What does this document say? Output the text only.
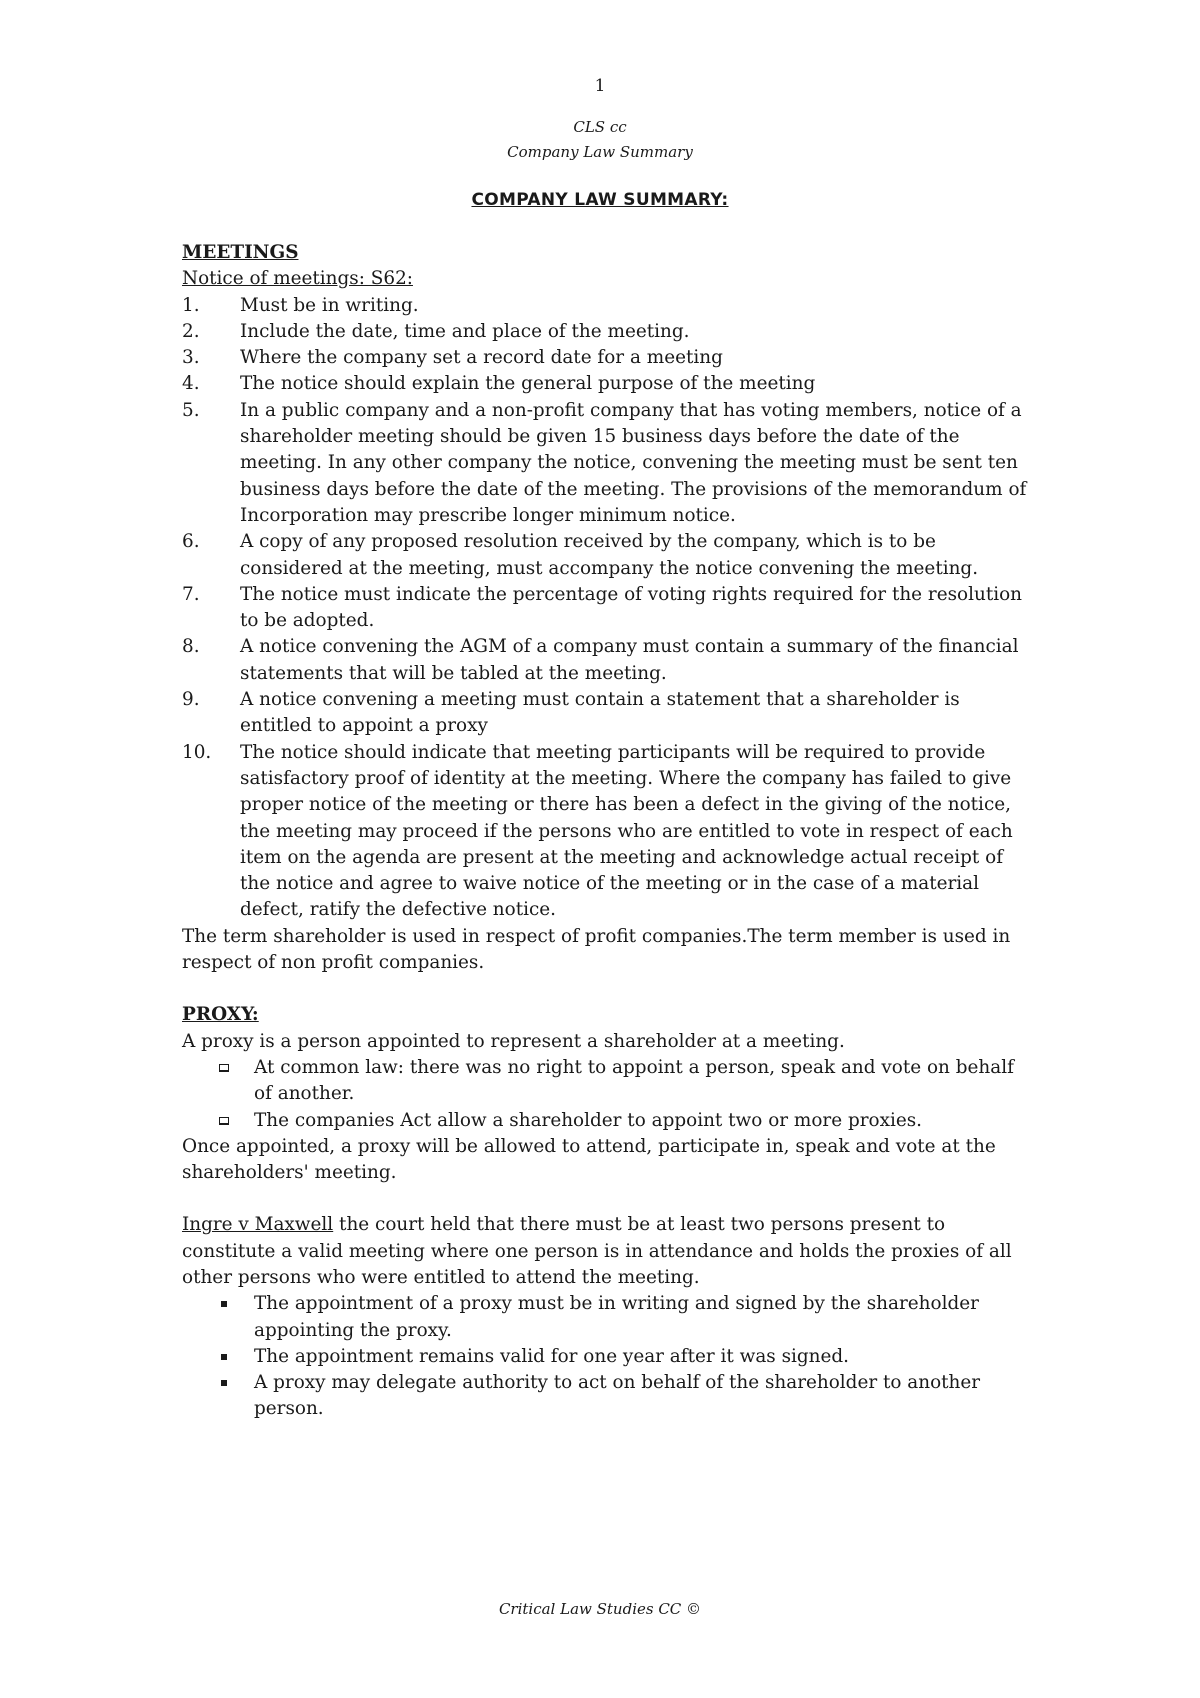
1
CLS cc
Company Law Summary
COMPANY LAW SUMMARY:
MEETINGS
Notice of meetings: S62:
1. Must be in writing.
2. Include the date, time and place of the meeting.
3. Where the company set a record date for a meeting
4. The notice should explain the general purpose of the meeting
5. In a public company and a non-profit company that has voting members, notice of a shareholder meeting should be given 15 business days before the date of the meeting. In any other company the notice, convening the meeting must be sent ten business days before the date of the meeting. The provisions of the memorandum of Incorporation may prescribe longer minimum notice.
6. A copy of any proposed resolution received by the company, which is to be considered at the meeting, must accompany the notice convening the meeting.
7. The notice must indicate the percentage of voting rights required for the resolution to be adopted.
8. A notice convening the AGM of a company must contain a summary of the financial statements that will be tabled at the meeting.
9. A notice convening a meeting must contain a statement that a shareholder is entitled to appoint a proxy
10. The notice should indicate that meeting participants will be required to provide satisfactory proof of identity at the meeting. Where the company has failed to give proper notice of the meeting or there has been a defect in the giving of the notice, the meeting may proceed if the persons who are entitled to vote in respect of each item on the agenda are present at the meeting and acknowledge actual receipt of the notice and agree to waive notice of the meeting or in the case of a material defect, ratify the defective notice.

The term shareholder is used in respect of profit companies.The term member is used in respect of non profit companies.

PROXY:

A proxy is a person appointed to represent a shareholder at a meeting.

At common law: there was no right to appoint a person, speak and vote on behalf of another.
The companies Act allow a shareholder to appoint two or more proxies.

Once appointed, a proxy will be allowed to attend, participate in, speak and vote at the shareholders' meeting.

Ingre v Maxwell the court held that there must be at least two persons present to constitute a valid meeting where one person is in attendance and holds the proxies of all other persons who were entitled to attend the meeting.

The appointment of a proxy must be in writing and signed by the shareholder appointing the proxy.
The appointment remains valid for one year after it was signed.
A proxy may delegate authority to act on behalf of the shareholder to another person.
Critical Law Studies CC ©
